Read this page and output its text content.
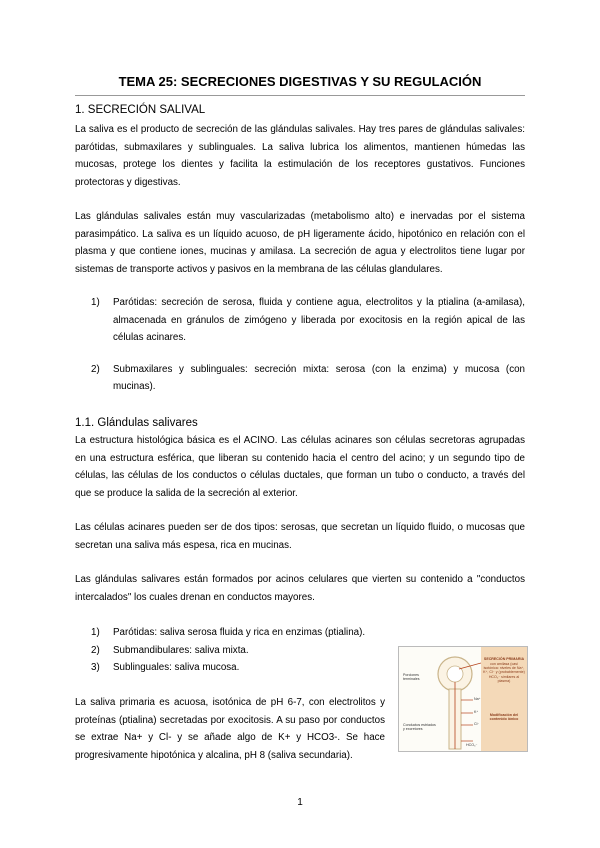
TEMA 25: SECRECIONES DIGESTIVAS Y SU REGULACIÓN
1. SECRECIÓN SALIVAL
La saliva es el producto de secreción de las glándulas salivales. Hay tres pares de glándulas salivales: parótidas, submaxilares y sublinguales. La saliva lubrica los alimentos, mantienen húmedas las mucosas, protege los dientes y facilita la estimulación de los receptores gustativos. Funciones protectoras y digestivas.
Las glándulas salivales están muy vascularizadas (metabolismo alto) e inervadas por el sistema parasimpático. La saliva es un líquido acuoso, de pH ligeramente ácido, hipotónico en relación con el plasma y que contiene iones, mucinas y amilasa. La secreción de agua y electrolitos tiene lugar por sistemas de transporte activos y pasivos en la membrana de las células glandulares.
1) Parótidas: secreción de serosa, fluida y contiene agua, electrolitos y la ptialina (a-amilasa), almacenada en gránulos de zimógeno y liberada por exocitosis en la región apical de las células acinares.
2) Submaxilares y sublinguales: secreción mixta: serosa (con la enzima) y mucosa (con mucinas).
1.1. Glándulas salivares
La estructura histológica básica es el ACINO. Las células acinares son células secretoras agrupadas en una estructura esférica, que liberan su contenido hacia el centro del acino; y un segundo tipo de células, las células de los conductos o células ductales, que forman un tubo o conducto, a través del que se produce la salida de la secreción al exterior.
Las células acinares pueden ser de dos tipos: serosas, que secretan un líquido fluido, o mucosas que secretan una saliva más espesa, rica en mucinas.
Las glándulas salivares están formados por acinos celulares que vierten su contenido a "conductos intercalados" los cuales drenan en conductos mayores.
1) Parótidas: saliva serosa fluida y rica en enzimas (ptialina).
2) Submandibulares: saliva mixta.
3) Sublinguales: saliva mucosa.
La saliva primaria es acuosa, isotónica de pH 6-7, con electrolitos y proteínas (ptialina) secretadas por exocitosis. A su paso por conductos se extrae Na+ y Cl- y se añade algo de K+ y HCO3-. Se hace progresivamente hipotónica y alcalina, pH 8 (saliva secundaria).
Porciones terminales
Conductos estriados y excretores
Na⁺
K⁺
Cl⁻
HCO₃⁻
SECRECIÓN PRIMARIA
con amilasa (casi isotónica: niveles de Na⁺, K⁺, Cl⁻ y (probablemente) HCO₃⁻ similares al plasma)
Modificación del contenido iónico
1
